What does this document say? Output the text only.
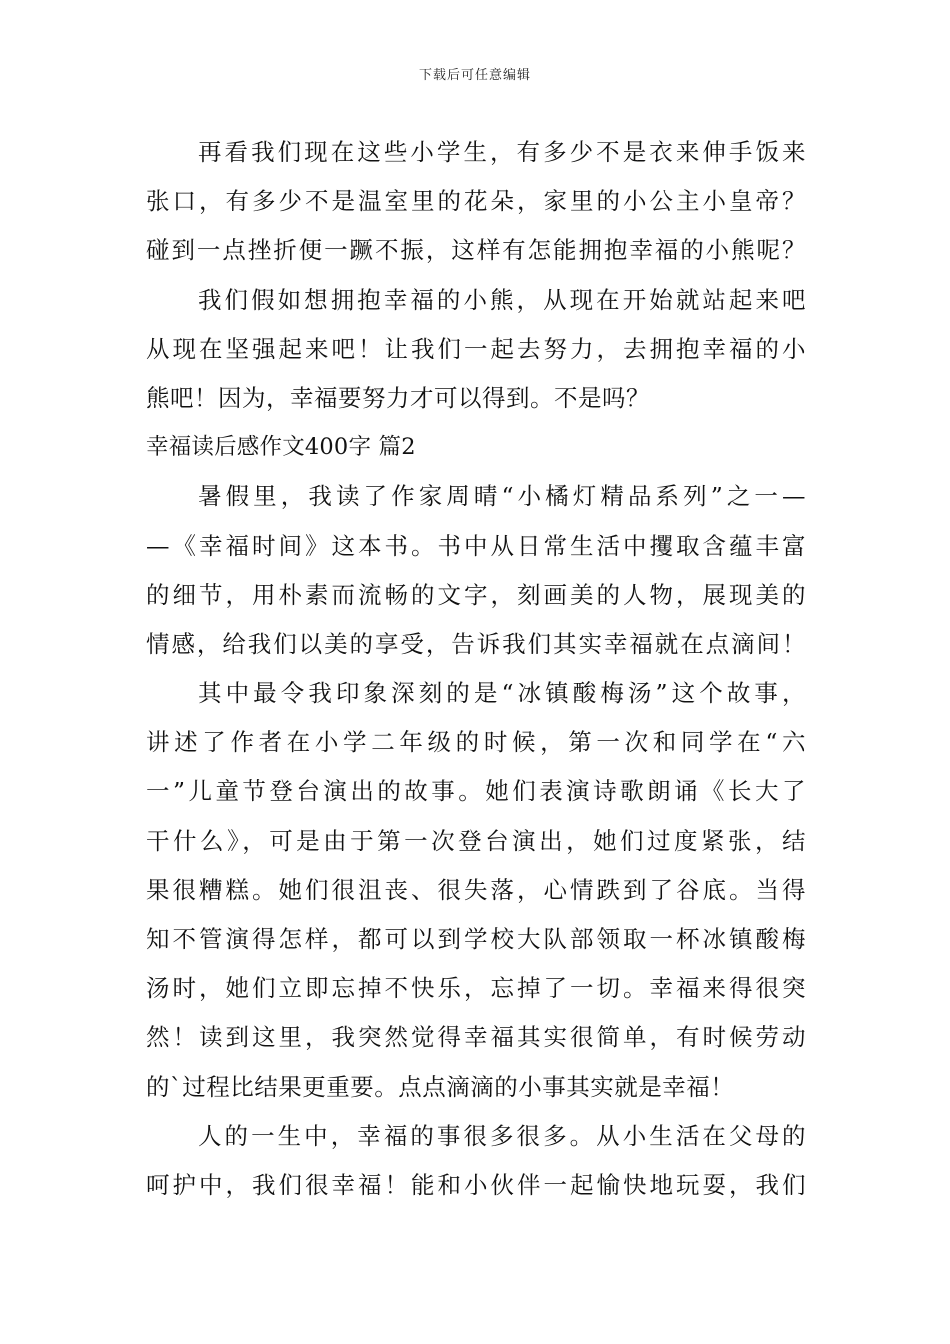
下载后可任意编辑
再看我们现在这些小学生，有多少不是衣来伸手饭来
张口，有多少不是温室里的花朵，家里的小公主小皇帝？
碰到一点挫折便一蹶不振，这样有怎能拥抱幸福的小熊呢？
我们假如想拥抱幸福的小熊，从现在开始就站起来吧
从现在坚强起来吧！让我们一起去努力，去拥抱幸福的小
熊吧！因为，幸福要努力才可以得到。不是吗？
幸福读后感作文400字 篇2
暑假里，我读了作家周晴“小橘灯精品系列”之一—
—《幸福时间》这本书。书中从日常生活中攫取含蕴丰富
的细节，用朴素而流畅的文字，刻画美的人物，展现美的
情感，给我们以美的享受，告诉我们其实幸福就在点滴间！
其中最令我印象深刻的是“冰镇酸梅汤”这个故事，
讲述了作者在小学二年级的时候，第一次和同学在“六
一”儿童节登台演出的故事。她们表演诗歌朗诵《长大了
干什么》，可是由于第一次登台演出，她们过度紧张，结
果很糟糕。她们很沮丧、很失落，心情跌到了谷底。当得
知不管演得怎样，都可以到学校大队部领取一杯冰镇酸梅
汤时，她们立即忘掉不快乐，忘掉了一切。幸福来得很突
然！读到这里，我突然觉得幸福其实很简单，有时候劳动
的`过程比结果更重要。点点滴滴的小事其实就是幸福！
人的一生中，幸福的事很多很多。从小生活在父母的
呵护中，我们很幸福！能和小伙伴一起愉快地玩耍，我们
